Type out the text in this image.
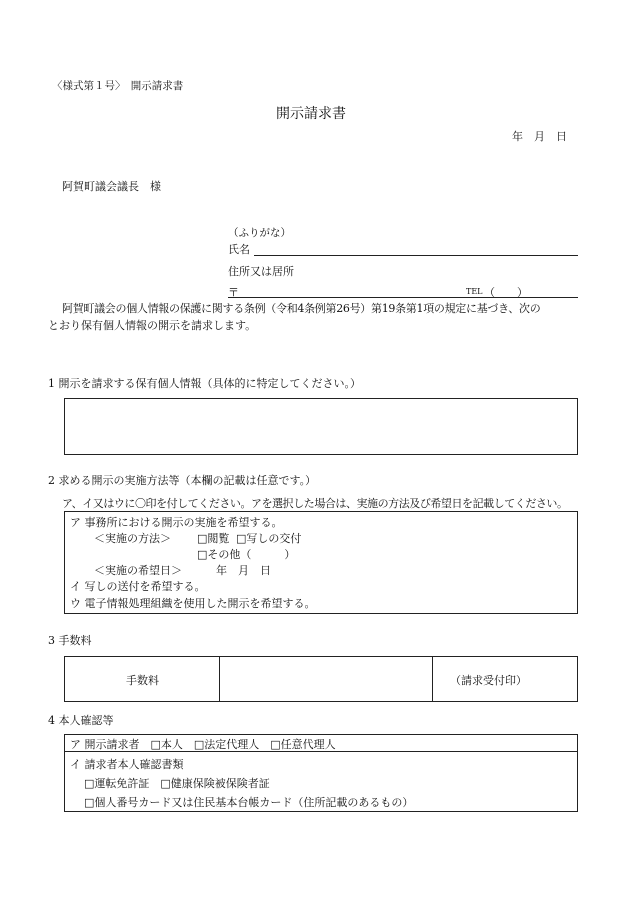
〈様式第１号〉　開示請求書
開示請求書
年　月　日
阿賀町議会議長　様
（ふりがな）
氏名
住所又は居所
〒	TEL （　　）
阿賀町議会の個人情報の保護に関する条例（令和4条例第26号）第19条第1項の規定に基づき、次の
とおり保有個人情報の開示を請求します。
1 開示を請求する保有個人情報（具体的に特定してください。）
2 求める開示の実施方法等（本欄の記載は任意です。）
ア、イ又はウに〇印を付してください。アを選択した場合は、実施の方法及び希望日を記載してください。
ア 事務所における開示の実施を希望する。
＜実施の方法＞ □閲覧 □写しの交付
□その他（　　　）
＜実施の希望日＞	年　月　日
イ 写しの送付を希望する。
ウ 電子情報処理組織を使用した開示を希望する。
3 手数料
手数料	（請求受付印）
4 本人確認等
ア 開示請求者　□本人　□法定代理人　□任意代理人
イ 請求者本人確認書類
□運転免許証　□健康保険被保険者証
□個人番号カード又は住民基本台帳カード（住所記載のあるもの）
